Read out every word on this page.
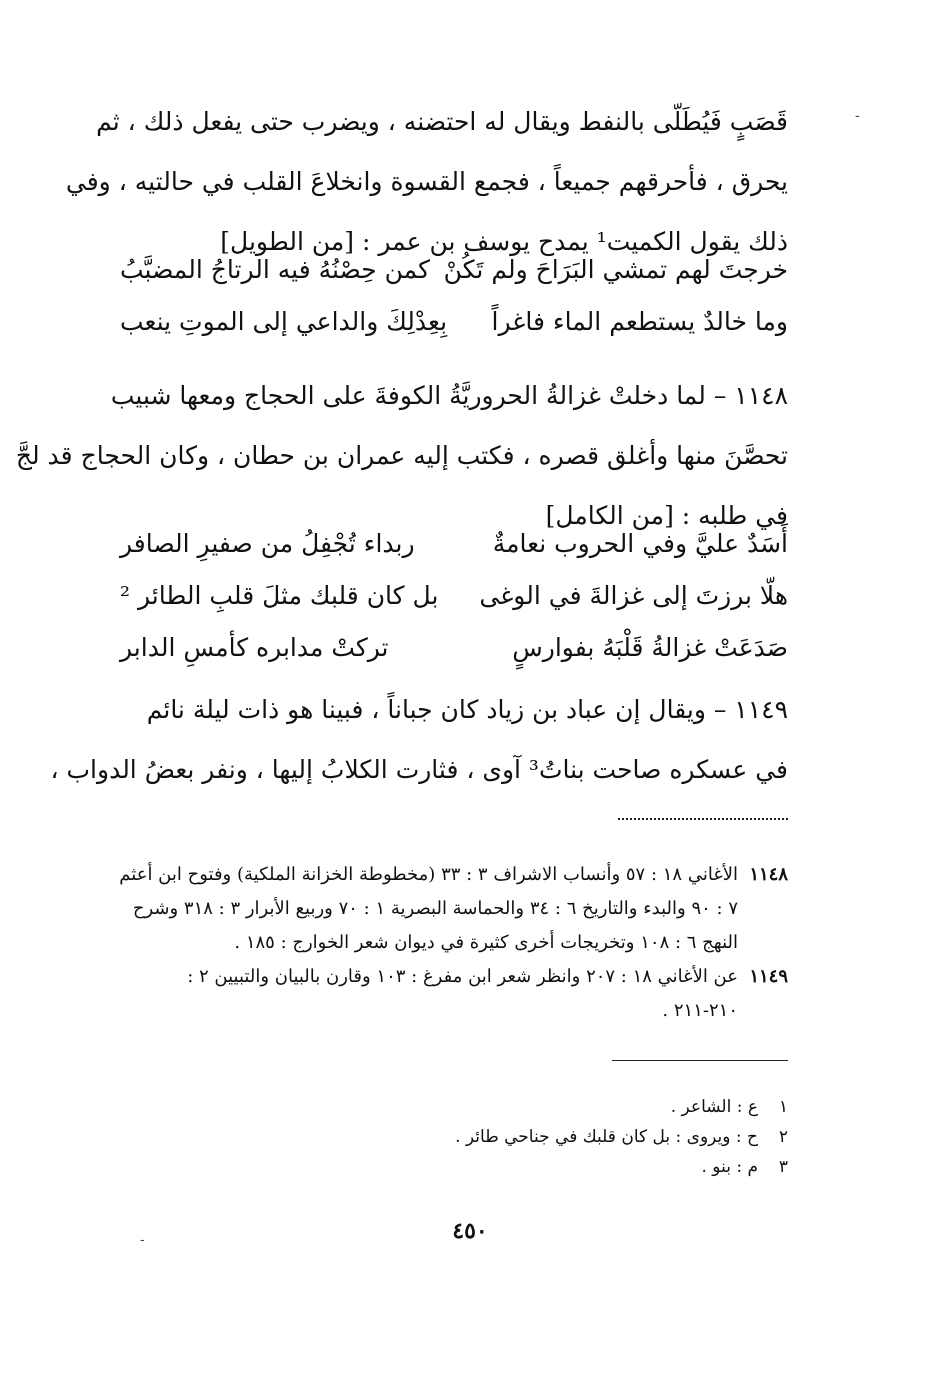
-
-
قَصَبٍ فَيُطَلّى بالنفط ويقال له احتضنه ، ويضرب حتى يفعل ذلك ، ثم
يحرق ، فأحرقهم جميعاً ، فجمع القسوة وانخلاعَ القلب في حالتيه ، وفي
ذلك يقول الكميت¹ يمدح يوسف بن عمر : [من الطويل]
خرجتَ لهم تمشي البَرَاحَ ولم تَكُنْ
كمن حِصْنُهُ فيه الرتاجُ المضبَّبُ
وما خالدٌ يستطعم الماء فاغراً
بِعِدْلِكَ والداعي إلى الموتِ ينعب
١١٤٨ – لما دخلتْ غزالةُ الحروريَّةُ الكوفةَ على الحجاج ومعها شبيب
تحصَّنَ منها وأغلق قصره ، فكتب إليه عمران بن حطان ، وكان الحجاج قد لجَّ
في طلبه : [من الكامل]
أَسَدٌ عليَّ وفي الحروب نعامةٌ
ربداء تُجْفِلُ من صفيرِ الصافر
هلّا برزتَ إلى غزالةَ في الوغى
بل كان قلبك مثلَ قلبِ الطائر ²
صَدَعَتْ غزالةُ قَلْبَهُ بفوارسٍ
تركتْ مدابره كأمسِ الدابر
١١٤٩ – ويقال إن عباد بن زياد كان جباناً ، فبينا هو ذات ليلة نائم
في عسكره صاحت بناتُ³ آوى ، فثارت الكلابُ إليها ، ونفر بعضُ الدواب ،
١١٤٨
الأغاني ١٨ : ٥٧ وأنساب الاشراف ٣ : ٣٣ (مخطوطة الخزانة الملكية) وفتوح ابن أعثم
٧ : ٩٠ والبدء والتاريخ ٦ : ٣٤ والحماسة البصرية ١ : ٧٠ وربيع الأبرار ٣ : ٣١٨ وشرح
النهج ٦ : ١٠٨ وتخريجات أخرى كثيرة في ديوان شعر الخوارج : ١٨٥ .
١١٤٩
عن الأغاني ١٨ : ٢٠٧ وانظر شعر ابن مفرغ : ١٠٣ وقارن بالبيان والتبيين ٢ :
٢١٠-٢١١ .
١
ع : الشاعر .
٢
ح : ويروى : بل كان قلبك في جناحي طائر .
٣
م : بنو .
٤٥٠
